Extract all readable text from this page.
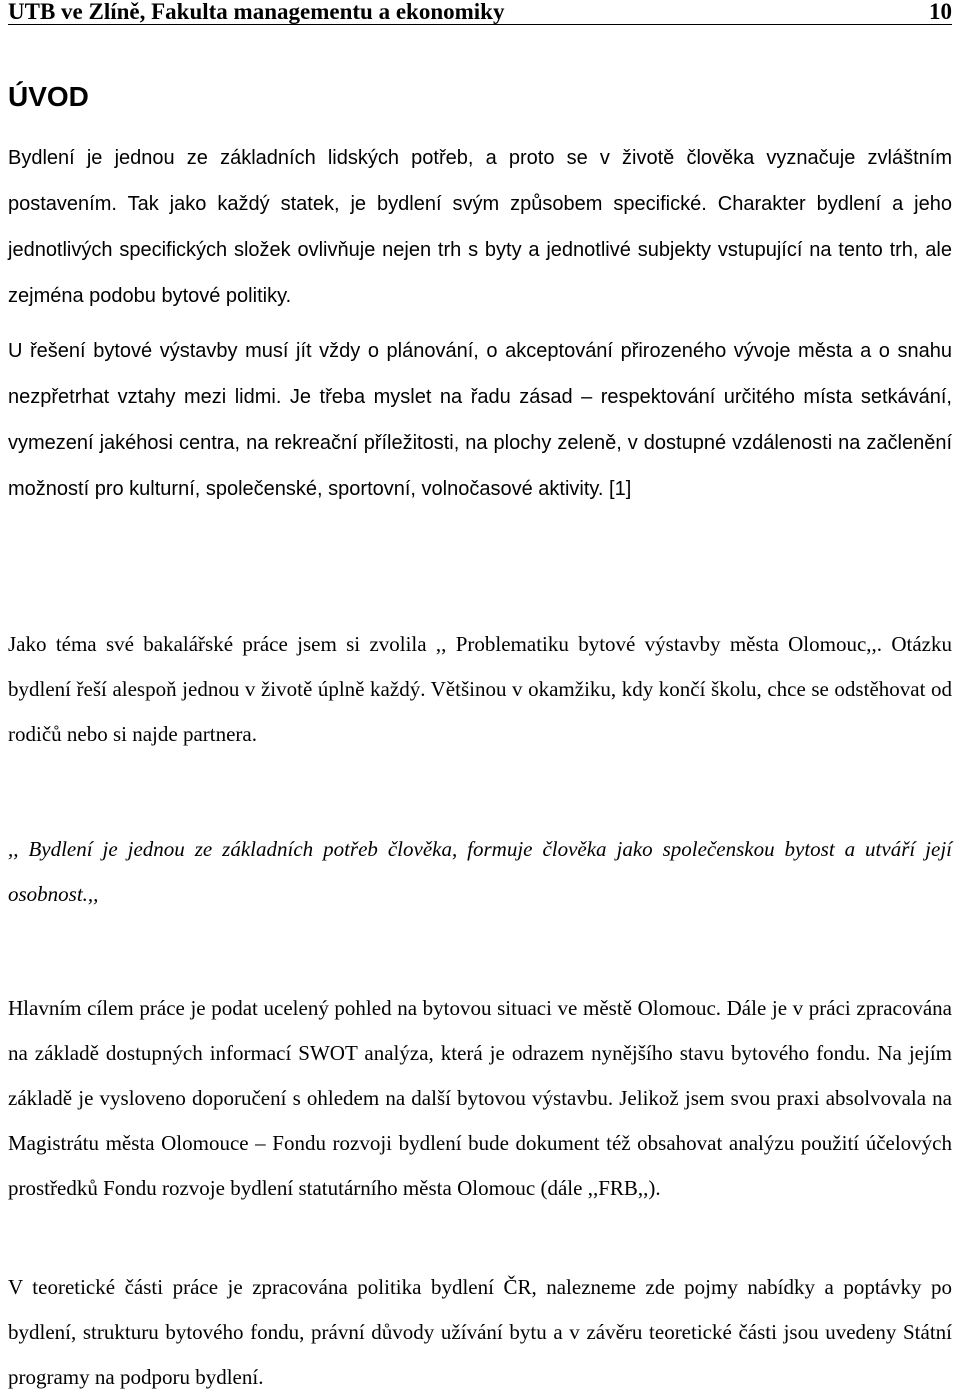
UTB ve Zlíně, Fakulta managementu a ekonomiky	10
ÚVOD

Bydlení je jednou ze základních lidských potřeb, a proto se v životě člověka vyznačuje zvláštním postavením. Tak jako každý statek, je bydlení svým způsobem specifické. Charakter bydlení a jeho jednotlivých specifických složek ovlivňuje nejen trh s byty a jednotlivé subjekty vstupující na tento trh, ale zejména podobu bytové politiky.

U řešení bytové výstavby musí jít vždy o plánování, o akceptování přirozeného vývoje města a o snahu nezpřetrhat vztahy mezi lidmi. Je třeba myslet na řadu zásad – respektování určitého místa setkávání, vymezení jakéhosi centra, na rekreační příležitosti, na plochy zeleně, v dostupné vzdálenosti na začlenění možností pro kulturní, společenské, sportovní, volnočasové aktivity. [1]

Jako téma své bakalářské práce jsem si zvolila ,, Problematiku bytové výstavby města Olomouc,,. Otázku bydlení řeší alespoň jednou v životě úplně každý. Většinou v okamžiku, kdy končí školu, chce se odstěhovat od rodičů nebo si najde partnera.

,, Bydlení je jednou ze základních potřeb člověka, formuje člověka jako společenskou bytost a utváří její osobnost.,,

Hlavním cílem práce je podat ucelený pohled na bytovou situaci ve městě Olomouc. Dále je v práci zpracována na základě dostupných informací SWOT analýza, která je odrazem nynějšího stavu bytového fondu. Na jejím základě je vysloveno doporučení s ohledem na další bytovou výstavbu. Jelikož jsem svou praxi absolvovala na Magistrátu města Olomouce – Fondu rozvoji bydlení bude dokument též obsahovat analýzu použití účelových prostředků Fondu rozvoje bydlení statutárního města Olomouc (dále ,,FRB,,).

V teoretické části práce je zpracována politika bydlení ČR, nalezneme zde pojmy nabídky a poptávky po bydlení, strukturu bytového fondu, právní důvody užívání bytu a v závěru teoretické části jsou uvedeny Státní programy na podporu bydlení.
